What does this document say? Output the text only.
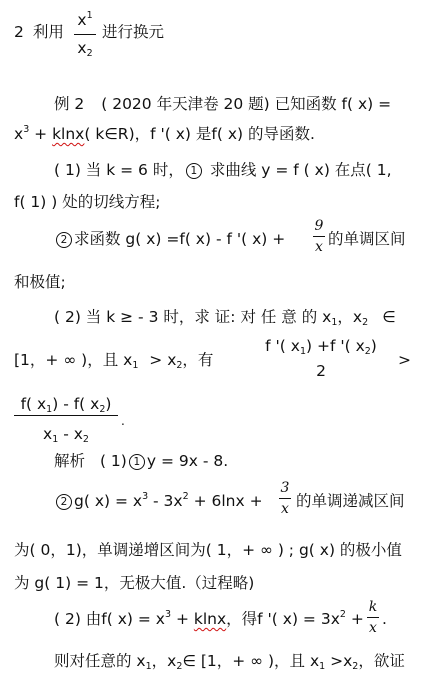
2 利用
$x^1$
$x_2$
进行换元
例 2 ( 2020 年天津卷 20 题) 已知函数 f( x) =
$x^3 + klnx$( k∈R)，f '( x) 是f( x) 的导函数.
( 1) 当 k = 6 时， 1 求曲线 y = f ( x) 在点( 1,
f( 1) ) 处的切线方程;
2 求函数 g( x) =f( x) - f '( x) +
9
x 的单调区间
和极值;
( 2) 当 k ≥ - 3 时，求 证: 对 任 意 的 $x_1$，$x_2$ ∈
[1，+ ∞ )，且 $x_1 > x_2$，有
f '( $x_1) +f$ '( $x_2$)
2
>
f( $x_1) - f$( $x_2$)
$x_1 - x_2$
.
解析 ( 1) 1 y = 9x - 8.
2 g( $x) = x^3 - 3x^2 + 6\ln x$ +
3
x 的单调递减区间
为( 0，1)，单调递增区间为( 1，+ ∞ ) ; g( x) 的极小值
为 g( 1) = 1，无极大值.（过程略)
( 2) 由f( $x) = x^3 + klnx$，得f '( $x) = 3x^2$ +
k
x .
则对任意的 $x_1$，$x_2\in$ [1，+ ∞ )，且 $x_1 >x_2$，欲证
